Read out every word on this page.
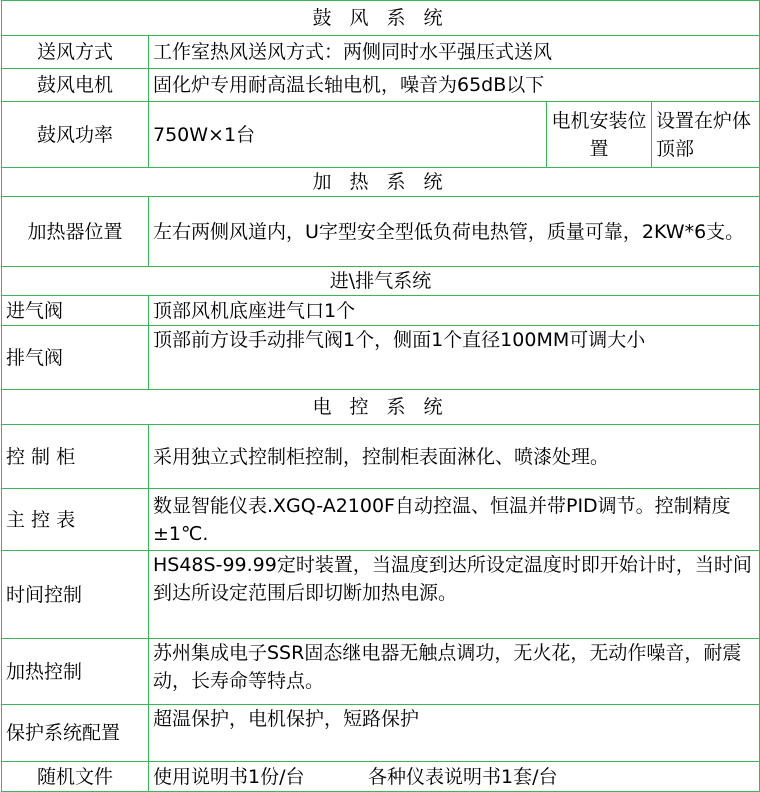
鼓 风 系 统			
送风方式	工作室热风送风方式：两侧同时水平强压式送风		
鼓风电机	固化炉专用耐高温长轴电机，噪音为65dB以下		
鼓风功率	750W×1台	电机安装位置	设置在炉体顶部
加 热 系 统			
加热器位置	左右两侧风道内，U字型安全型低负荷电热管，质量可靠，2KW*6支。		
进\排气系统			
进气阀	顶部风机底座进气口1个		
排气阀	顶部前方设手动排气阀1个，侧面1个直径100MM可调大小		
电 控 系 统			
控 制 柜	采用独立式控制柜控制，控制柜表面淋化、喷漆处理。		
主 控 表	数显智能仪表.XGQ-A2100F自动控温、恒温并带PID调节。控制精度±1℃.		
时间控制	HS48S-99.99定时装置，当温度到达所设定温度时即开始计时，当时间到达所设定范围后即切断加热电源。		
加热控制	苏州集成电子SSR固态继电器无触点调功，无火花，无动作噪音，耐震动，长寿命等特点。		
保护系统配置	超温保护，电机保护，短路保护		
随机文件	使用说明书1份/台 各种仪表说明书1套/台		
